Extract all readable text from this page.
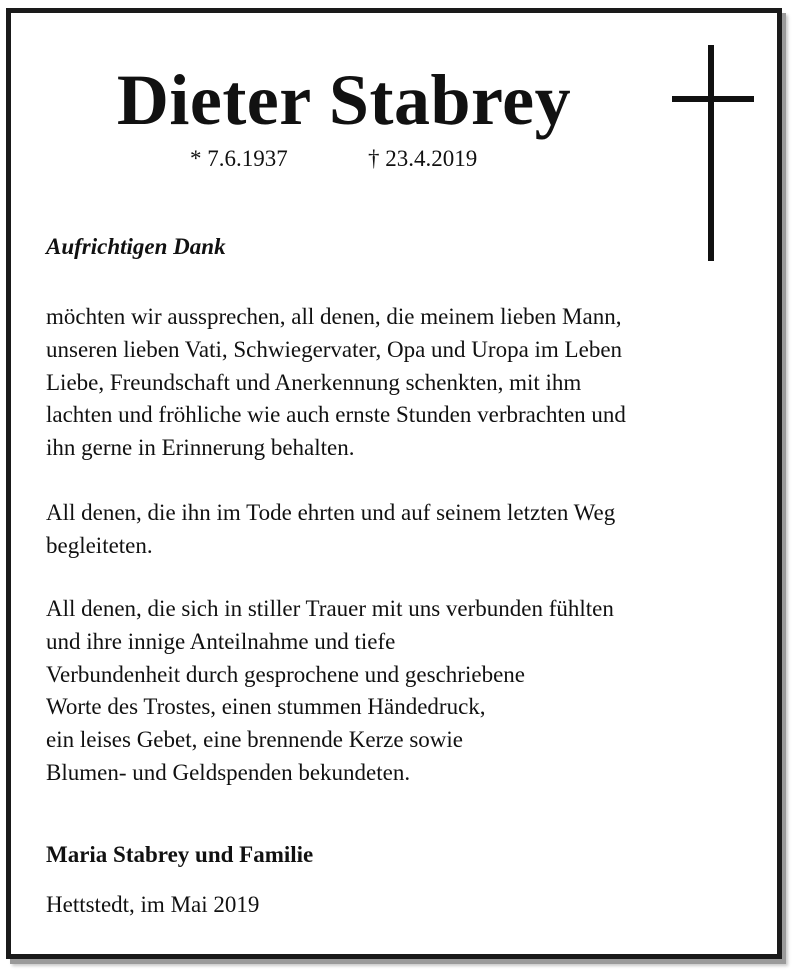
Dieter Stabrey
* 7.6.1937	† 23.4.2019
Aufrichtigen Dank
möchten wir aussprechen, all denen, die meinem lieben Mann,
unseren lieben Vati, Schwiegervater, Opa und Uropa im Leben
Liebe, Freundschaft und Anerkennung schenkten, mit ihm
lachten und fröhliche wie auch ernste Stunden verbrachten und
ihn gerne in Erinnerung behalten.
All denen, die ihn im Tode ehrten und auf seinem letzten Weg
begleiteten.
All denen, die sich in stiller Trauer mit uns verbunden fühlten
und ihre innige Anteilnahme und tiefe
Verbundenheit durch gesprochene und geschriebene
Worte des Trostes, einen stummen Händedruck,
ein leises Gebet, eine brennende Kerze sowie
Blumen- und Geldspenden bekundeten.
Maria Stabrey und Familie
Hettstedt, im Mai 2019
